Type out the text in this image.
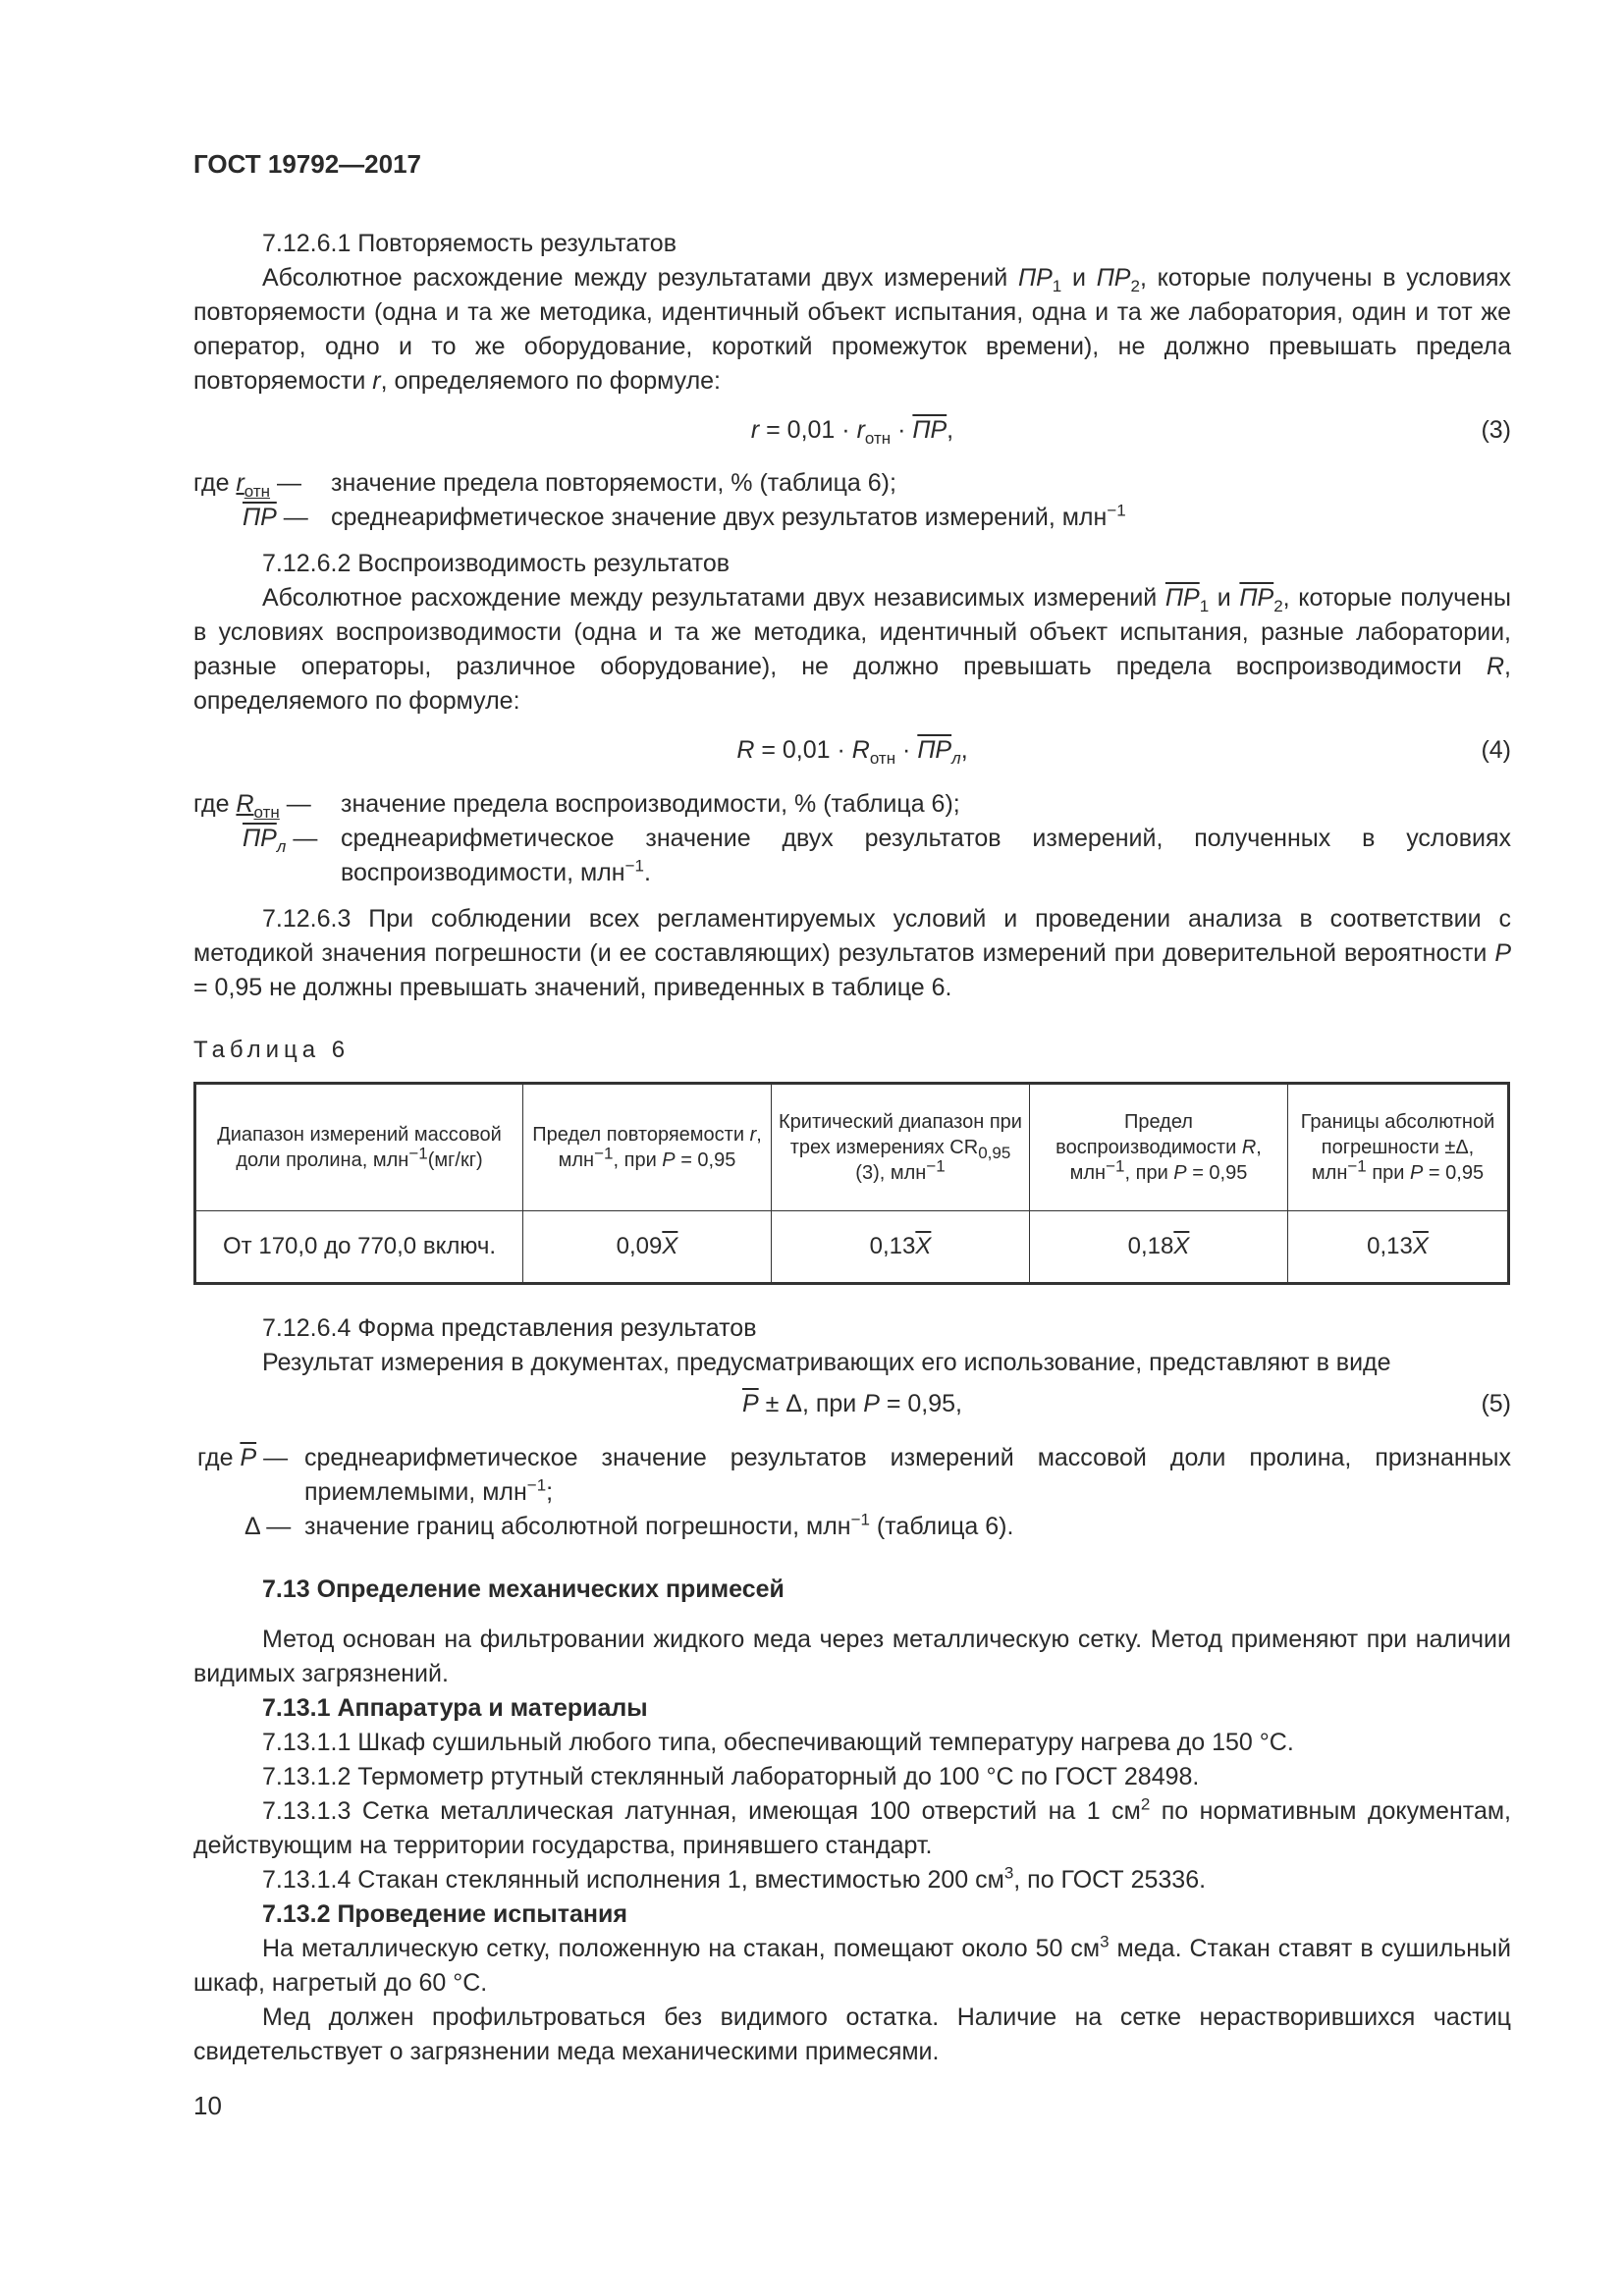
ГОСТ 19792—2017

7.12.6.1 Повторяемость результатов

Абсолютное расхождение между результатами двух измерений $ПР_1$ и $ПР_2$, которые получены в условиях повторяемости (одна и та же методика, идентичный объект испытания, одна и та же лаборатория, один и тот же оператор, одно и то же оборудование, короткий промежуток времени), не должно превышать предела повторяемости r, определяемого по формуле:

$r = 0,01 \cdot r_{отн}$ · ПР,	(3)
где $r_{отн}$ —	значение предела повторяемости, % (таблица 6);
ПР — среднеарифметическое значение двух результатов измерений, млн$^{-1}$

7.12.6.2 Воспроизводимость результатов

Абсолютное расхождение между результатами двух независимых измерений $ПР_1$ и $ПР_2$, которые получены в условиях воспроизводимости (одна и та же методика, идентичный объект испытания, разные лаборатории, разные операторы, различное оборудование), не должно превышать предела воспроизводимости R, определяемого по формуле:

$R = 0,01 \cdot R_{отн} \cdot ПР_л$,	(4)
где $R_{отн}$ —	значение предела воспроизводимости, % (таблица 6);
$ПР_л$ — среднеарифметическое значение двух результатов измерений, полученных в условиях воспроизводимости, млн$^{-1}$.

7.12.6.3 При соблюдении всех регламентируемых условий и проведении анализа в соответствии с методикой значения погрешности (и ее составляющих) результатов измерений при доверительной вероятности P = 0,95 не должны превышать значений, приведенных в таблице 6.

Таблица 6
Диапазон измерений массовой доли пролина, млн$^{-1}$(мг/кг)	Предел повторяемости r, млн$^{-1}$, при P = 0,95	Критический диапазон при трех измерениях $CR_{0,95}$ (3), млн$^{-1}$	Предел воспроизводимости R, млн$^{-1}$, при P = 0,95	Границы абсолютной погрешности ±Δ, млн$^{-1}$ при P = 0,95
От 170,0 до 770,0 включ.	$0,09\overline{X}$	$0,13\overline{X}$	$0,18\overline{X}$	$0,13\overline{X}$

7.12.6.4 Форма представления результатов

Результат измерения в документах, предусматривающих его использование, представляют в виде

$\overline{P} \pm \Delta$, при P = 0,95,	(5)
где $\overline{P}$ — среднеарифметическое значение результатов измерений массовой доли пролина, признанных приемлемыми, млн$^{-1}$;
Δ — значение границ абсолютной погрешности, млн$^{-1}$ (таблица 6).

7.13 Определение механических примесей

Метод основан на фильтровании жидкого меда через металлическую сетку. Метод применяют при наличии видимых загрязнений.

7.13.1 Аппаратура и материалы

7.13.1.1 Шкаф сушильный любого типа, обеспечивающий температуру нагрева до 150 °С.

7.13.1.2 Термометр ртутный стеклянный лабораторный до 100 °С по ГОСТ 28498.

7.13.1.3 Сетка металлическая латунная, имеющая 100 отверстий на 1 $см^2$ по нормативным документам, действующим на территории государства, принявшего стандарт.

7.13.1.4 Стакан стеклянный исполнения 1, вместимостью 200 $см^3$, по ГОСТ 25336.

7.13.2 Проведение испытания

На металлическую сетку, положенную на стакан, помещают около 50 $см^3$ меда. Стакан ставят в сушильный шкаф, нагретый до 60 °С.

Мед должен профильтроваться без видимого остатка. Наличие на сетке нерастворившихся частиц свидетельствует о загрязнении меда механическими примесями.

10
